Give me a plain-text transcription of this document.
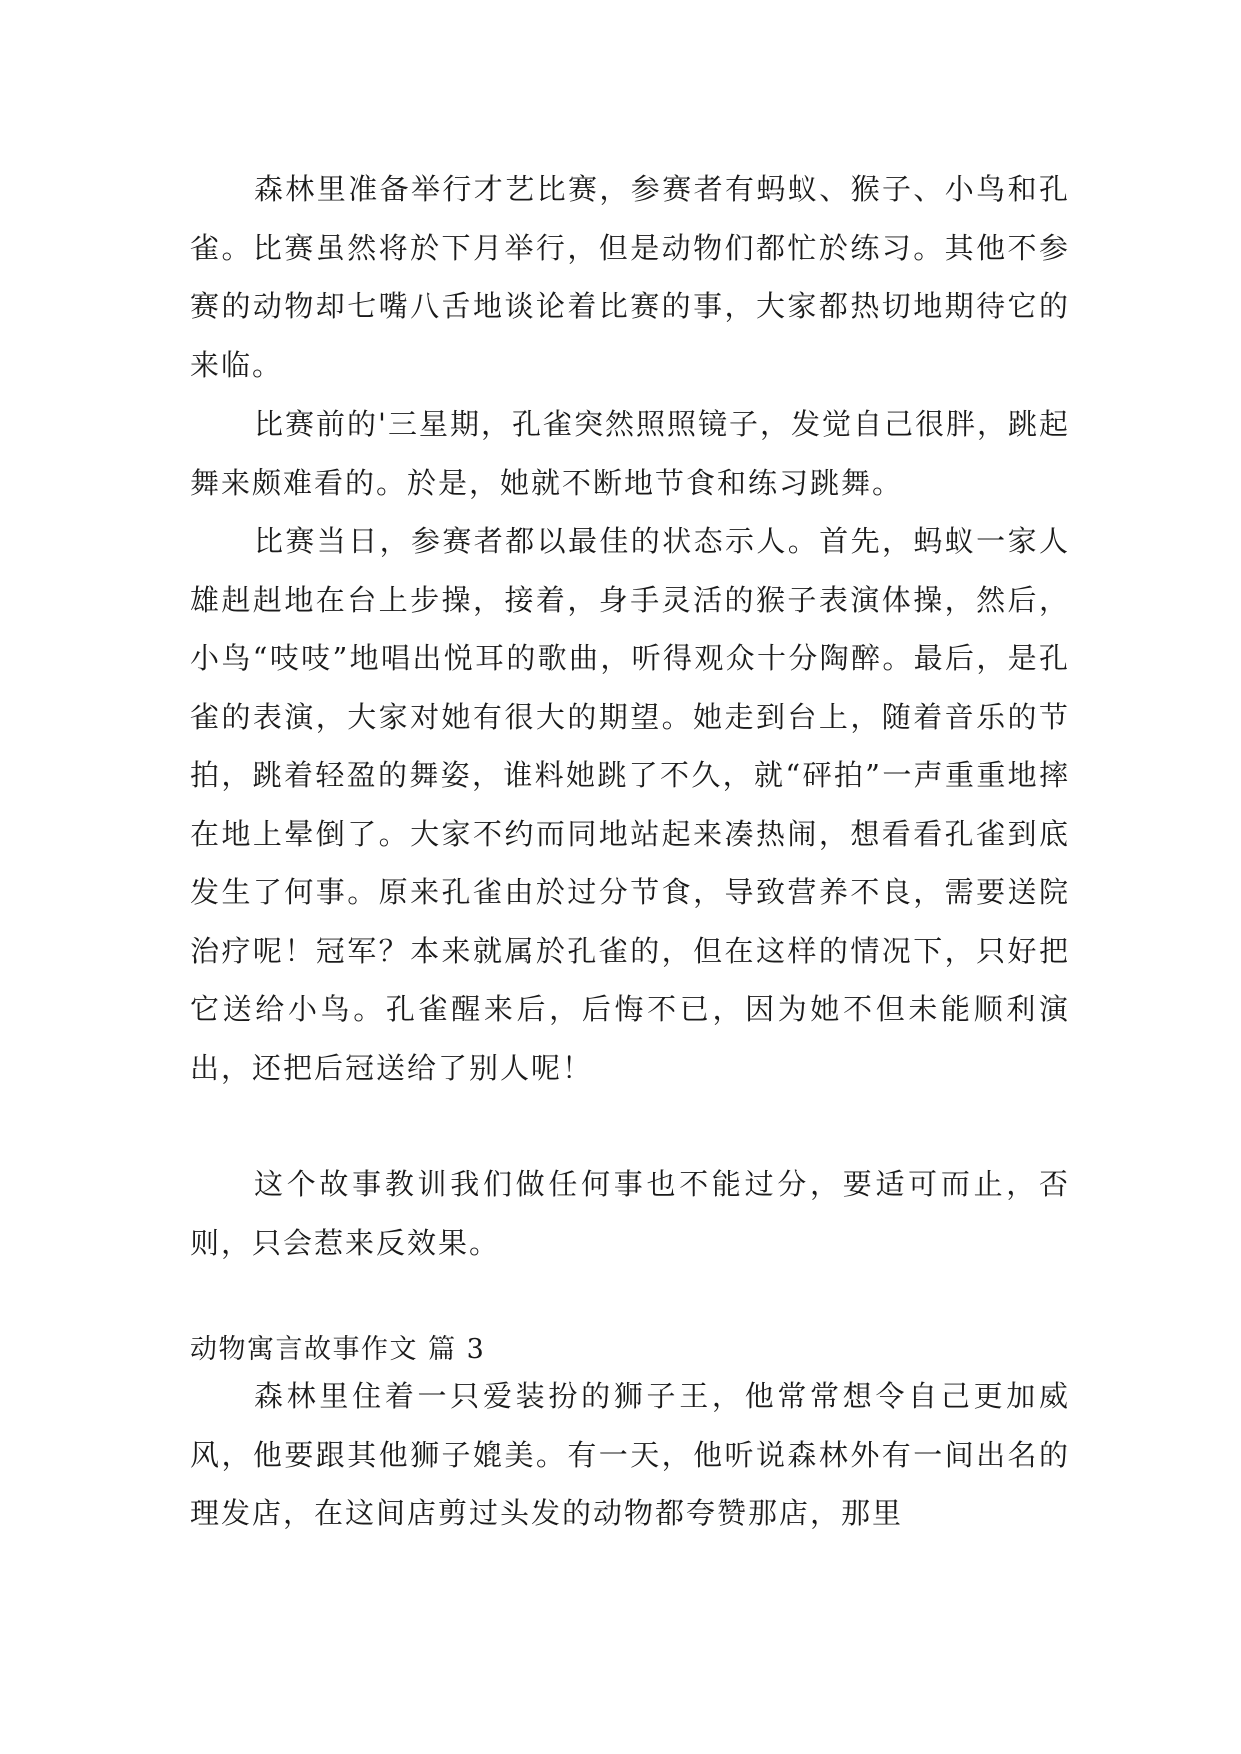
森林里准备举行才艺比赛，参赛者有蚂蚁、猴子、小鸟和孔雀。比赛虽然将於下月举行，但是动物们都忙於练习。其他不参赛的动物却七嘴八舌地谈论着比赛的事，大家都热切地期待它的来临。

比赛前的'三星期，孔雀突然照照镜子，发觉自己很胖，跳起舞来颇难看的。於是，她就不断地节食和练习跳舞。

比赛当日，参赛者都以最佳的状态示人。首先，蚂蚁一家人雄赳赳地在台上步操，接着，身手灵活的猴子表演体操，然后，小鸟“吱吱”地唱出悦耳的歌曲，听得观众十分陶醉。最后，是孔雀的表演，大家对她有很大的期望。她走到台上，随着音乐的节拍，跳着轻盈的舞姿，谁料她跳了不久，就“砰拍”一声重重地摔在地上晕倒了。大家不约而同地站起来凑热闹，想看看孔雀到底发生了何事。原来孔雀由於过分节食，导致营养不良，需要送院治疗呢！冠军？本来就属於孔雀的，但在这样的情况下，只好把它送给小鸟。孔雀醒来后，后悔不已，因为她不但未能顺利演出，还把后冠送给了别人呢！

这个故事教训我们做任何事也不能过分，要适可而止，否则，只会惹来反效果。

动物寓言故事作文 篇 3

森林里住着一只爱装扮的狮子王，他常常想令自己更加威风，他要跟其他狮子媲美。有一天，他听说森林外有一间出名的理发店，在这间店剪过头发的动物都夸赞那店，那里
